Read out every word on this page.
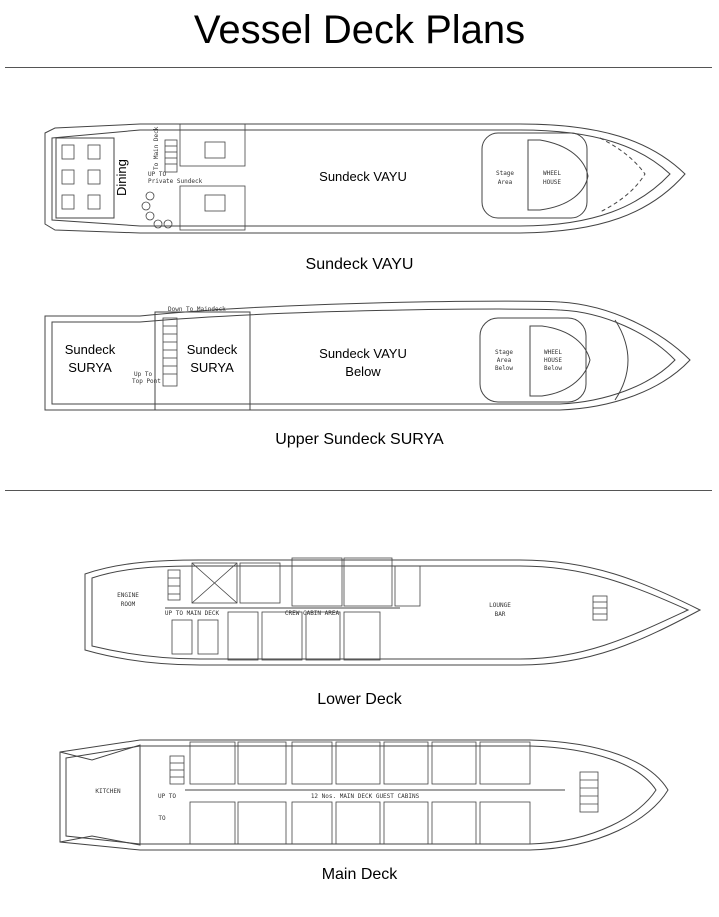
Vessel Deck Plans
Dining	Sundeck VAYU	Stage
Area
WHEEL
HOUSE
To Main Deck
UP TO
Private Sundeck
Sundeck
SURYA
Sundeck
SURYA
Sundeck VAYU
Below
Stage
Area
Below
WHEEL
HOUSE
Below
Down To Maindeck
Up To
Top Pont
ENGINE
ROOM	LOUNGE
BAR
UP TO MAIN DECK	CREW CABIN AREA
KITCHEN
12 Nos. MAIN DECK GUEST CABINS
UP TO
TO
Sundeck VAYU
Upper Sundeck SURYA
Lower Deck
Main Deck
